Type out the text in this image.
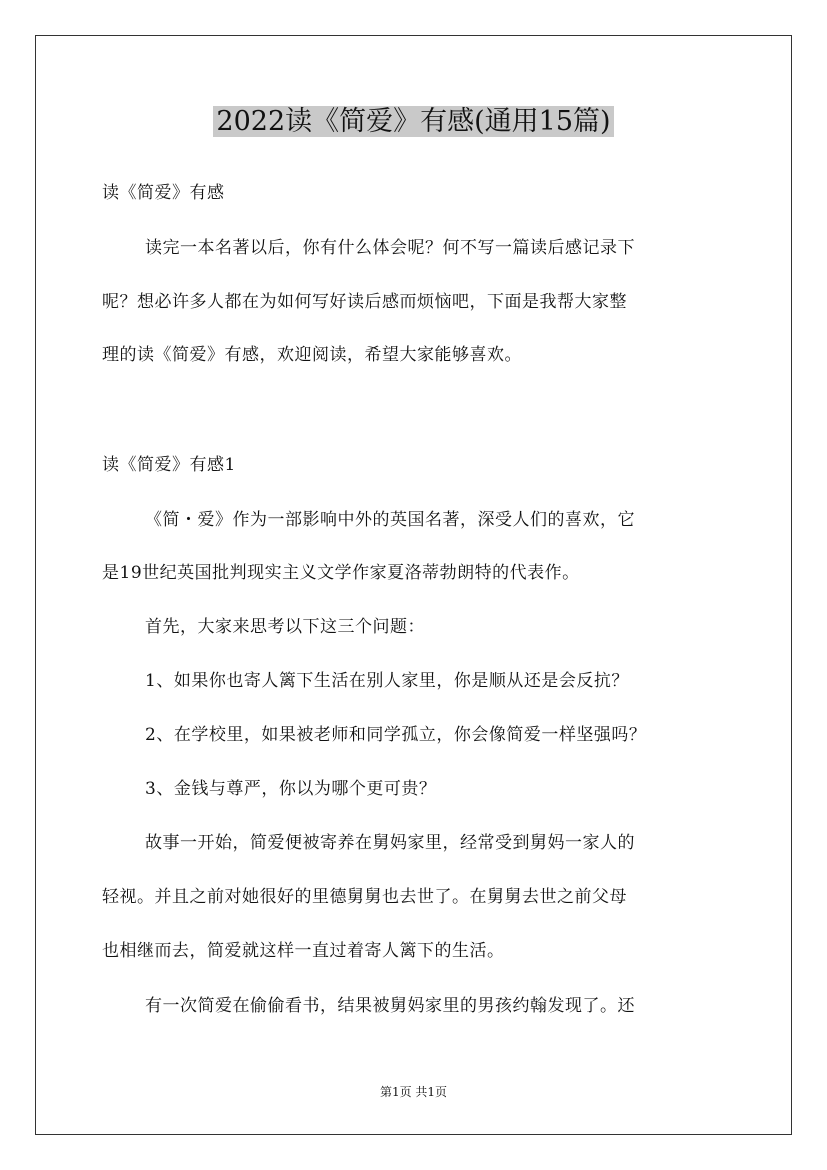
2022读《简爱》有感(通用15篇)
读《简爱》有感
读完一本名著以后，你有什么体会呢？何不写一篇读后感记录下
呢？想必许多人都在为如何写好读后感而烦恼吧，下面是我帮大家整
理的读《简爱》有感，欢迎阅读，希望大家能够喜欢。
读《简爱》有感1
《简・爱》作为一部影响中外的英国名著，深受人们的喜欢，它
是19世纪英国批判现实主义文学作家夏洛蒂勃朗特的代表作。
首先，大家来思考以下这三个问题：
1、如果你也寄人篱下生活在别人家里，你是顺从还是会反抗？
2、在学校里，如果被老师和同学孤立，你会像简爱一样坚强吗？
3、金钱与尊严，你以为哪个更可贵？
故事一开始，简爱便被寄养在舅妈家里，经常受到舅妈一家人的
轻视。并且之前对她很好的里德舅舅也去世了。在舅舅去世之前父母
也相继而去，简爱就这样一直过着寄人篱下的生活。
有一次简爱在偷偷看书，结果被舅妈家里的男孩约翰发现了。还
第1页 共1页
